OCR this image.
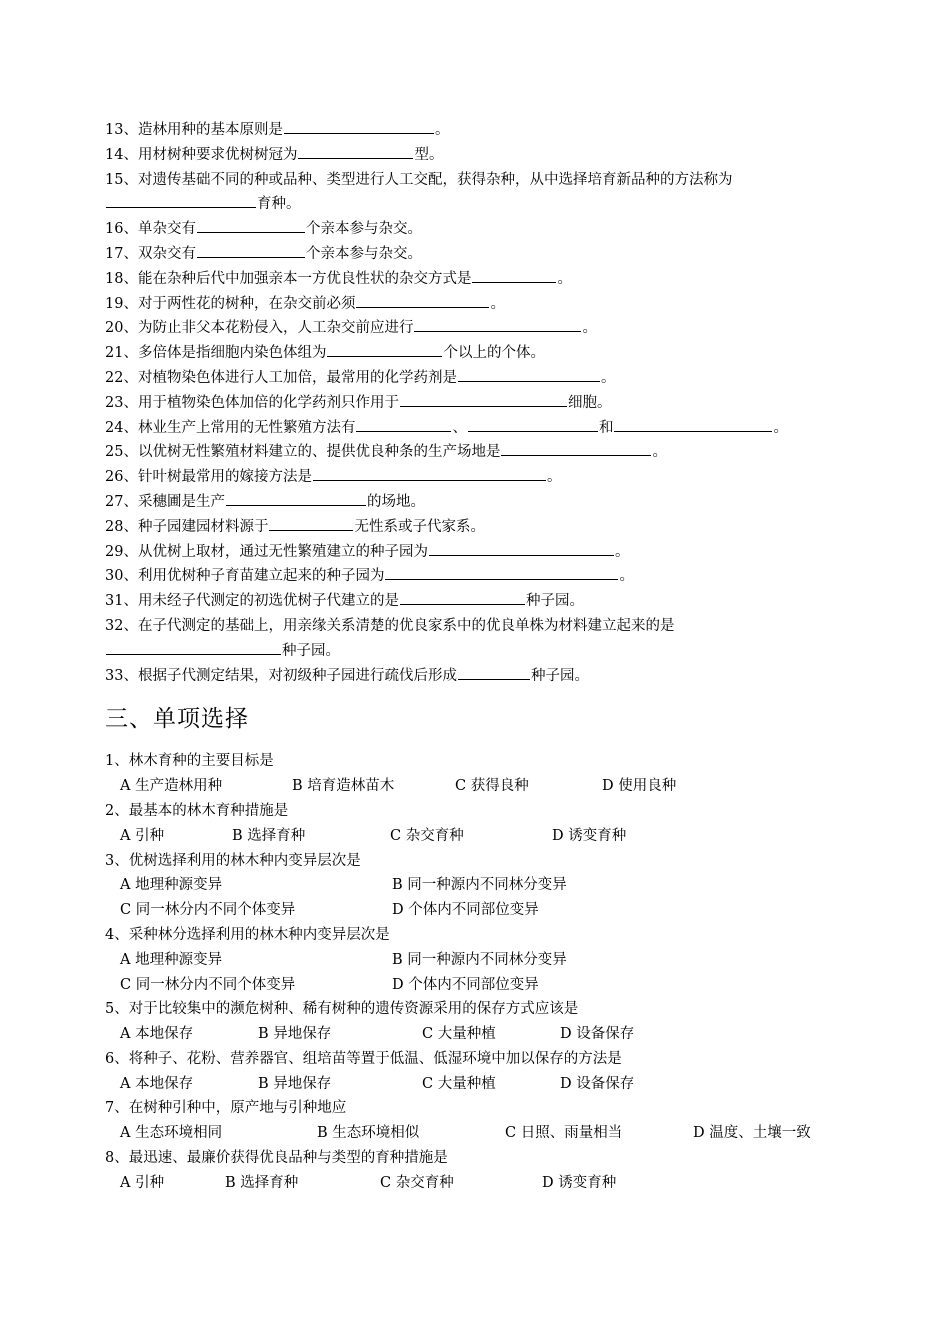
13、造林用种的基本原则是	。
14、用材树种要求优树树冠为	型。
15、对遗传基础不同的种或品种、类型进行人工交配，获得杂种，从中选择培育新品种的方法称为
育种。
16、单杂交有	个亲本参与杂交。
17、双杂交有	个亲本参与杂交。
18、能在杂种后代中加强亲本一方优良性状的杂交方式是	。
19、对于两性花的树种，在杂交前必须	。
20、为防止非父本花粉侵入，人工杂交前应进行	。
21、多倍体是指细胞内染色体组为	个以上的个体。
22、对植物染色体进行人工加倍，最常用的化学药剂是	。
23、用于植物染色体加倍的化学药剂只作用于	细胞。
24、林业生产上常用的无性繁殖方法有	、	和	。
25、以优树无性繁殖材料建立的、提供优良种条的生产场地是	。
26、针叶树最常用的嫁接方法是	。
27、采穗圃是生产	的场地。
28、种子园建园材料源于	无性系或子代家系。
29、从优树上取材，通过无性繁殖建立的种子园为	。
30、利用优树种子育苗建立起来的种子园为	。
31、用未经子代测定的初选优树子代建立的是	种子园。
32、在子代测定的基础上，用亲缘关系清楚的优良家系中的优良单株为材料建立起来的是
种子园。
33、根据子代测定结果，对初级种子园进行疏伐后形成	种子园。
三、单项选择
1、林木育种的主要目标是
A 生产造林用种	B 培育造林苗木	C 获得良种	D 使用良种
2、最基本的林木育种措施是
A 引种	B 选择育种	C 杂交育种	D 诱变育种
3、优树选择利用的林木种内变异层次是
A 地理种源变异	B 同一种源内不同林分变异
C 同一林分内不同个体变异	D 个体内不同部位变异
4、采种林分选择利用的林木种内变异层次是
A 地理种源变异	B 同一种源内不同林分变异
C 同一林分内不同个体变异	D 个体内不同部位变异
5、对于比较集中的濒危树种、稀有树种的遗传资源采用的保存方式应该是
A 本地保存	B 异地保存	C 大量种植	D 设备保存
6、将种子、花粉、营养器官、组培苗等置于低温、低湿环境中加以保存的方法是
A 本地保存	B 异地保存	C 大量种植	D 设备保存
7、在树种引种中，原产地与引种地应
A 生态环境相同	B 生态环境相似	C 日照、雨量相当	D 温度、土壤一致
8、最迅速、最廉价获得优良品种与类型的育种措施是
A 引种	B 选择育种	C 杂交育种	D 诱变育种
